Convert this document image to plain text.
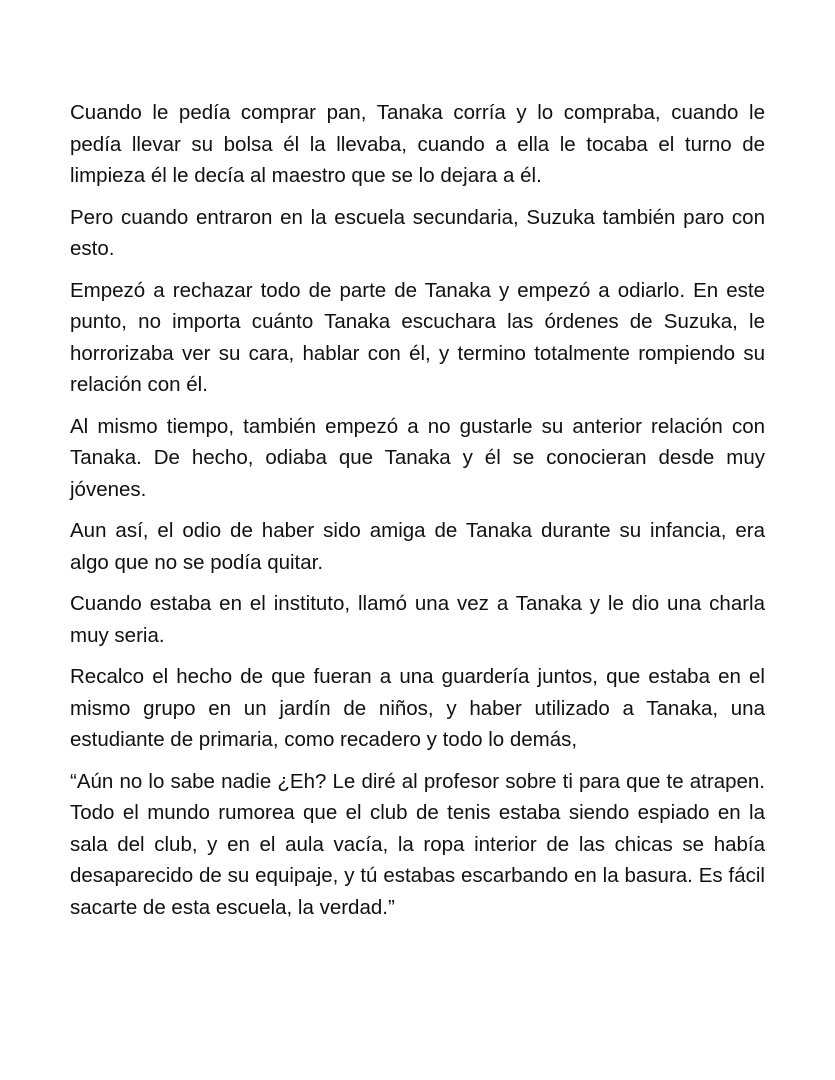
Cuando le pedía comprar pan, Tanaka corría y lo compraba, cuando le pedía llevar su bolsa él la llevaba, cuando a ella le tocaba el turno de limpieza él le decía al maestro que se lo dejara a él.

Pero cuando entraron en la escuela secundaria, Suzuka también paro con esto.

Empezó a rechazar todo de parte de Tanaka y empezó a odiarlo. En este punto, no importa cuánto Tanaka escuchara las órdenes de Suzuka, le horrorizaba ver su cara, hablar con él, y termino totalmente rompiendo su relación con él.

Al mismo tiempo, también empezó a no gustarle su anterior relación con Tanaka. De hecho, odiaba que Tanaka y él se conocieran desde muy jóvenes.

Aun así, el odio de haber sido amiga de Tanaka durante su infancia, era algo que no se podía quitar.

Cuando estaba en el instituto, llamó una vez a Tanaka y le dio una charla muy seria.

Recalco el hecho de que fueran a una guardería juntos, que estaba en el mismo grupo en un jardín de niños, y haber utilizado a Tanaka, una estudiante de primaria, como recadero y todo lo demás,

“Aún no lo sabe nadie ¿Eh? Le diré al profesor sobre ti para que te atrapen. Todo el mundo rumorea que el club de tenis estaba siendo espiado en la sala del club, y en el aula vacía, la ropa interior de las chicas se había desaparecido de su equipaje, y tú estabas escarbando en la basura. Es fácil sacarte de esta escuela, la verdad.”
